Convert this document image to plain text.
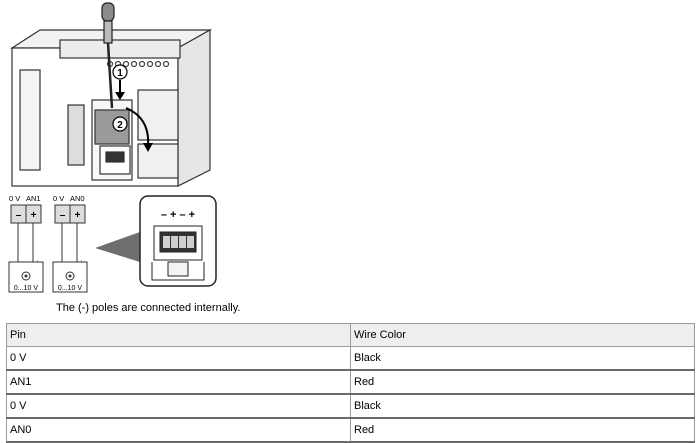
1
2
0 V AN1
– +
0...10 V
0 V AN0
– +
0...10 V
– + – +
The (-) poles are connected internally.
Pin	Wire Color
0 V	Black
AN1	Red
0 V	Black
AN0	Red
